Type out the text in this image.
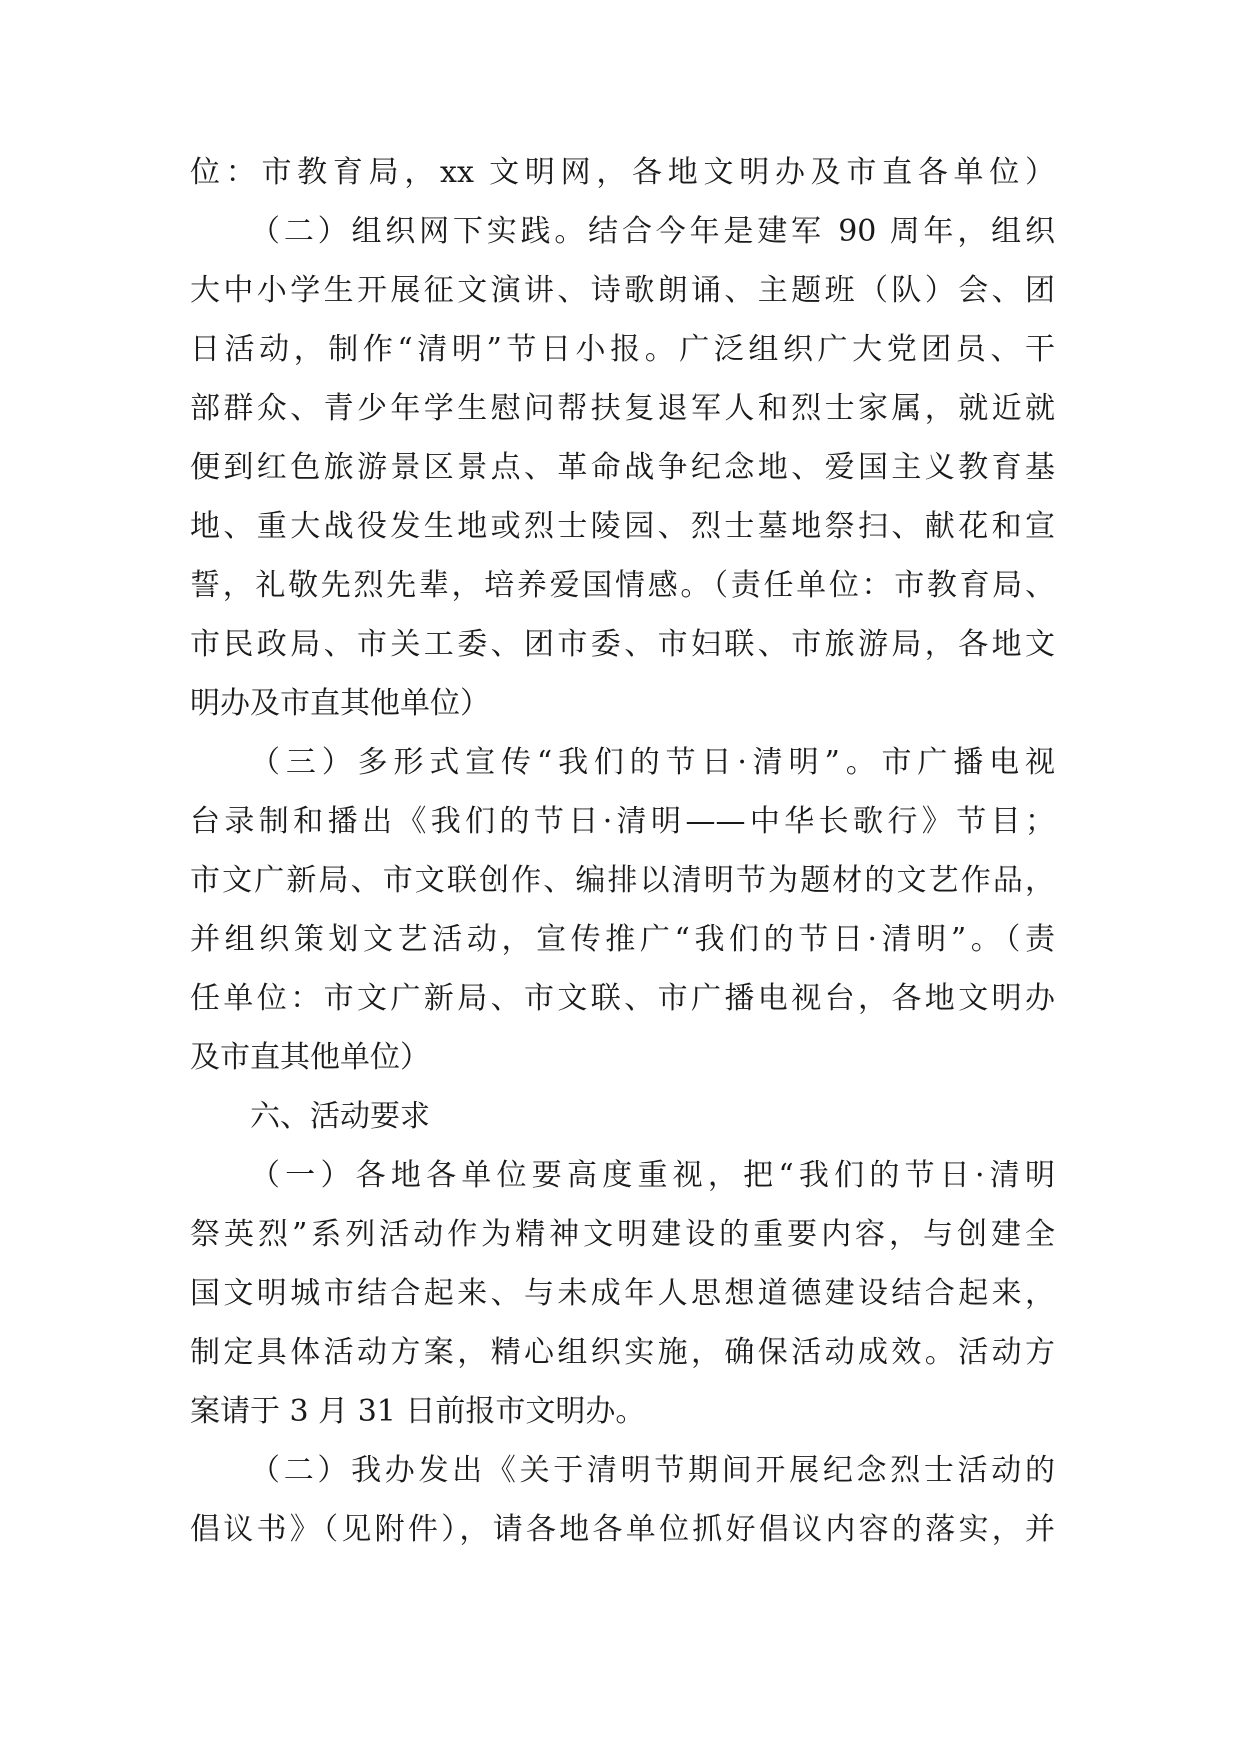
位：市教育局，xx 文明网，各地文明办及市直各单位）
（二）组织网下实践。结合今年是建军 90 周年，组织
大中小学生开展征文演讲、诗歌朗诵、主题班（队）会、团
日活动，制作“清明”节日小报。广泛组织广大党团员、干
部群众、青少年学生慰问帮扶复退军人和烈士家属，就近就
便到红色旅游景区景点、革命战争纪念地、爱国主义教育基
地、重大战役发生地或烈士陵园、烈士墓地祭扫、献花和宣
誓，礼敬先烈先辈，培养爱国情感。（责任单位：市教育局、
市民政局、市关工委、团市委、市妇联、市旅游局，各地文
明办及市直其他单位）
（三）多形式宣传“我们的节日·清明”。市广播电视
台录制和播出《我们的节日·清明——中华长歌行》节目；
市文广新局、市文联创作、编排以清明节为题材的文艺作品，
并组织策划文艺活动，宣传推广“我们的节日·清明”。（责
任单位：市文广新局、市文联、市广播电视台，各地文明办
及市直其他单位）
六、活动要求
（一）各地各单位要高度重视，把“我们的节日·清明
祭英烈”系列活动作为精神文明建设的重要内容，与创建全
国文明城市结合起来、与未成年人思想道德建设结合起来，
制定具体活动方案，精心组织实施，确保活动成效。活动方
案请于 3 月 31 日前报市文明办。
（二）我办发出《关于清明节期间开展纪念烈士活动的
倡议书》（见附件），请各地各单位抓好倡议内容的落实，并
